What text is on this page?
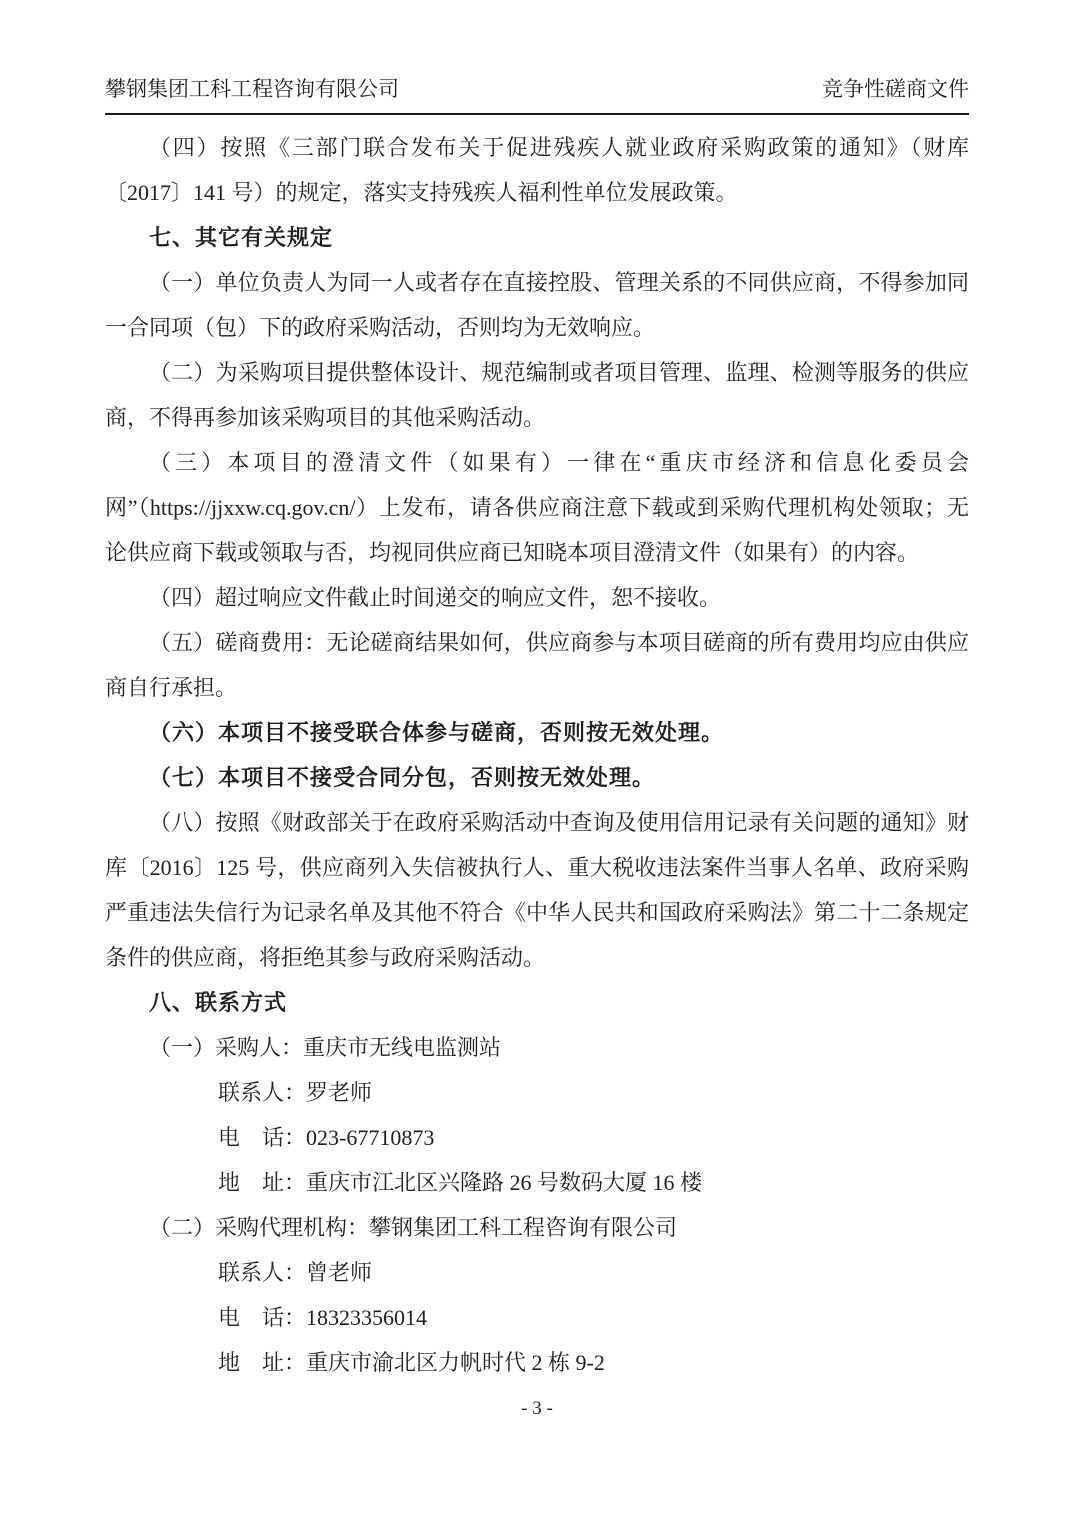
攀钢集团工科工程咨询有限公司	竞争性磋商文件

（四）按照《三部门联合发布关于促进残疾人就业政府采购政策的通知》（财库〔2017〕141 号）的规定，落实支持残疾人福利性单位发展政策。

七、其它有关规定

（一）单位负责人为同一人或者存在直接控股、管理关系的不同供应商，不得参加同一合同项（包）下的政府采购活动，否则均为无效响应。

（二）为采购项目提供整体设计、规范编制或者项目管理、监理、检测等服务的供应商，不得再参加该采购项目的其他采购活动。

（三）本项目的澄清文件（如果有）一律在“重庆市经济和信息化委员会网”（https://jjxxw.cq.gov.cn/）上发布，请各供应商注意下载或到采购代理机构处领取；无论供应商下载或领取与否，均视同供应商已知晓本项目澄清文件（如果有）的内容。

（四）超过响应文件截止时间递交的响应文件，恕不接收。

（五）磋商费用：无论磋商结果如何，供应商参与本项目磋商的所有费用均应由供应商自行承担。

（六）本项目不接受联合体参与磋商，否则按无效处理。

（七）本项目不接受合同分包，否则按无效处理。

（八）按照《财政部关于在政府采购活动中查询及使用信用记录有关问题的通知》财库〔2016〕125 号，供应商列入失信被执行人、重大税收违法案件当事人名单、政府采购严重违法失信行为记录名单及其他不符合《中华人民共和国政府采购法》第二十二条规定条件的供应商，将拒绝其参与政府采购活动。

八、联系方式

（一）采购人：重庆市无线电监测站

联系人：罗老师

电　话：023-67710873

地　址：重庆市江北区兴隆路 26 号数码大厦 16 楼

（二）采购代理机构：攀钢集团工科工程咨询有限公司

联系人：曾老师

电　话：18323356014

地　址：重庆市渝北区力帆时代 2 栋 9-2

- 3 -
